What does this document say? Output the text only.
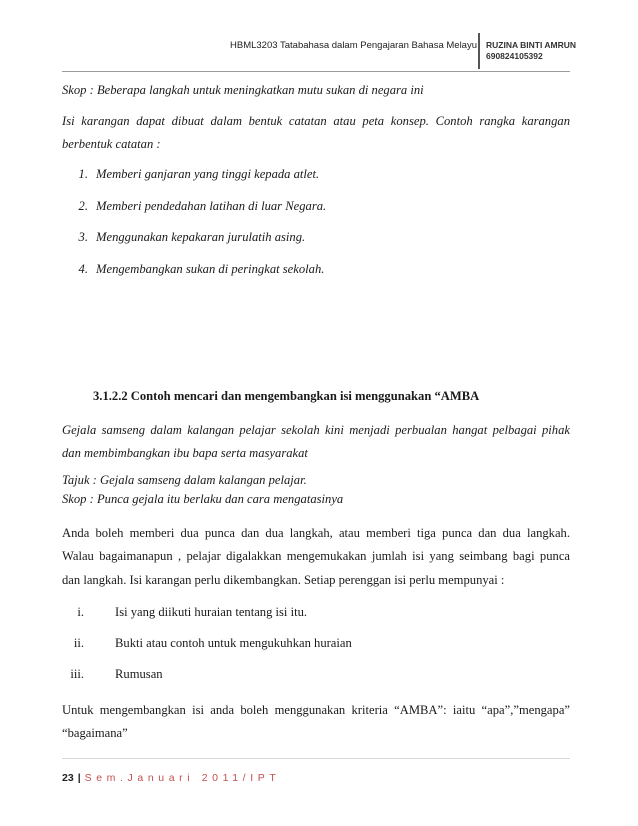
HBML3203 Tatabahasa dalam Pengajaran Bahasa Melayu RUZINA BINTI AMRUN
690824105392

Skop : Beberapa langkah untuk meningkatkan mutu sukan di negara ini

Isi karangan dapat dibuat dalam bentuk catatan atau peta konsep. Contoh rangka karangan

berbentuk catatan :

1. Memberi ganjaran yang tinggi kepada atlet.
2. Memberi pendedahan latihan di luar Negara.
3. Menggunakan kepakaran jurulatih asing.
4. Mengembangkan sukan di peringkat sekolah.
3.1.2.2 Contoh mencari dan mengembangkan isi menggunakan “AMBA

Gejala samseng dalam kalangan pelajar sekolah kini menjadi perbualan hangat pelbagai pihak

dan membimbangkan ibu bapa serta masyarakat

Tajuk : Gejala samseng dalam kalangan pelajar.

Skop : Punca gejala itu berlaku dan cara mengatasinya

Anda boleh memberi dua punca dan dua langkah, atau memberi tiga punca dan dua langkah.

Walau bagaimanapun , pelajar digalakkan mengemukakan jumlah isi yang seimbang bagi punca

dan langkah. Isi karangan perlu dikembangkan. Setiap perenggan isi perlu mempunyai :

i. Isi yang diikuti huraian tentang isi itu.
ii. Bukti atau contoh untuk mengukuhkan huraian
iii. Rumusan

Untuk mengembangkan isi anda boleh menggunakan kriteria “AMBA”: iaitu “apa”,”mengapa”

“bagaimana”

23 | Sem.Januari 2011/IPT
